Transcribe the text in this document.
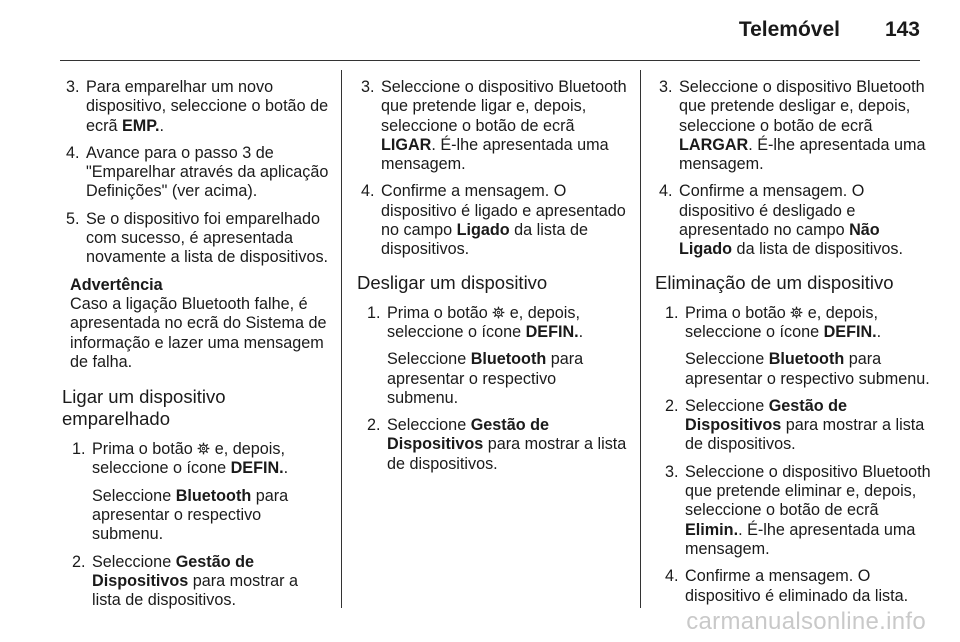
Telemóvel 143
3. Para emparelhar um novo dispositivo, seleccione o botão de ecrã EMP..

4. Avance para o passo 3 de "Emparelhar através da aplicação Definições" (ver acima).

5. Se o dispositivo foi emparelhado com sucesso, é apresentada novamente a lista de dispositivos.

Advertência

Caso a ligação Bluetooth falhe, é apresentada no ecrã do Sistema de informação e lazer uma mensagem de falha.

Ligar um dispositivo emparelhado
1. Prima o botão  e, depois, seleccione o ícone DEFIN..

Seleccione Bluetooth para apresentar o respectivo submenu.

2. Seleccione Gestão de Dispositivos para mostrar a lista de dispositivos.

3. Seleccione o dispositivo Bluetooth que pretende ligar e, depois, seleccione o botão de ecrã LIGAR. É-lhe apresentada uma mensagem.

4. Confirme a mensagem. O dispositivo é ligado e apresentado no campo Ligado da lista de dispositivos.

Desligar um dispositivo
1. Prima o botão  e, depois, seleccione o ícone DEFIN..

Seleccione Bluetooth para apresentar o respectivo submenu.

2. Seleccione Gestão de Dispositivos para mostrar a lista de dispositivos.

3. Seleccione o dispositivo Bluetooth que pretende desligar e, depois, seleccione o botão de ecrã LARGAR. É-lhe apresentada uma mensagem.

4. Confirme a mensagem. O dispositivo é desligado e apresentado no campo Não Ligado da lista de dispositivos.

Eliminação de um dispositivo
1. Prima o botão  e, depois, seleccione o ícone DEFIN..

Seleccione Bluetooth para apresentar o respectivo submenu.

2. Seleccione Gestão de Dispositivos para mostrar a lista de dispositivos.

3. Seleccione o dispositivo Bluetooth que pretende eliminar e, depois, seleccione o botão de ecrã Elimin.. É-lhe apresentada uma mensagem.

4. Confirme a mensagem. O dispositivo é eliminado da lista.

carmanualsonline.info
